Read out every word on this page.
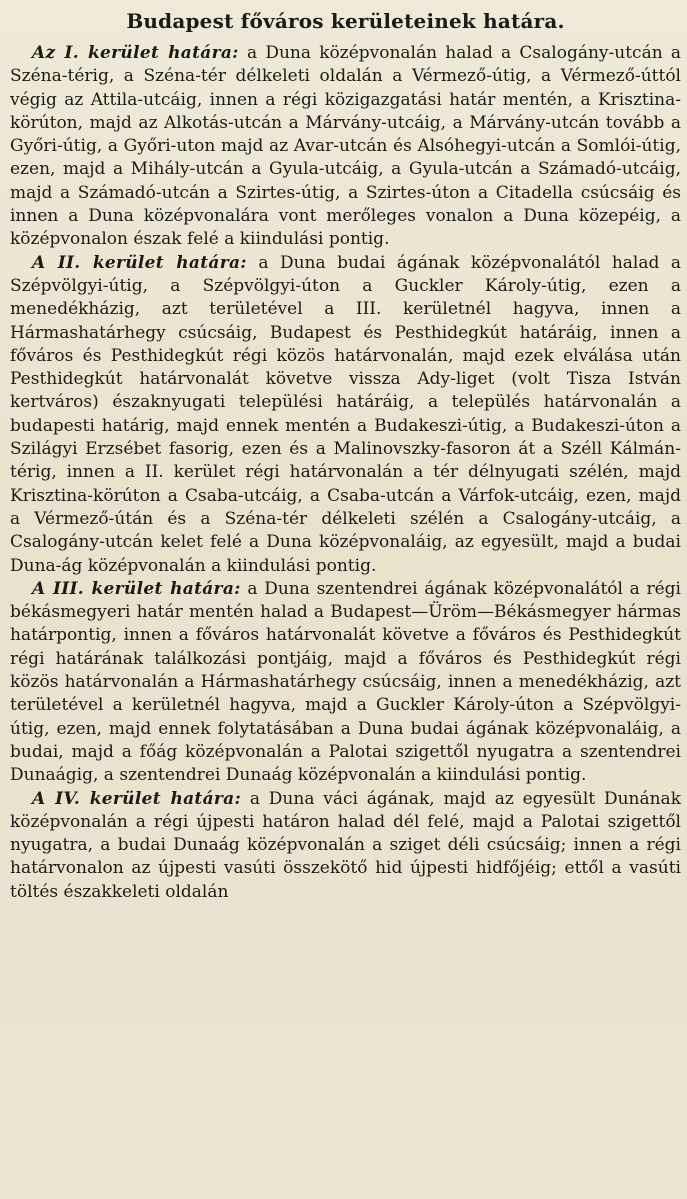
Budapest főváros kerületeinek határa.

Az I. kerület határa: a Duna középvonalán halad a Csalogány-utcán a Széna-térig, a Széna-tér délkeleti oldalán a Vérmező-útig, a Vérmező-úttól végig az Attila-utcáig, innen a régi közigazgatási határ mentén, a Krisztina-körúton, majd az Alkotás-utcán a Márvány-utcáig, a Márvány-utcán tovább a Győri-útig, a Győri-uton majd az Avar-utcán és Alsóhegyi-utcán a Somlói-útig, ezen, majd a Mihály-utcán a Gyula-utcáig, a Gyula-utcán a Számadó-utcáig, majd a Számadó-utcán a Szirtes-útig, a Szirtes-úton a Citadella csúcsáig és innen a Duna középvonalára vont merőleges vonalon a Duna közepéig, a középvonalon észak felé a kiindulási pontig.

A II. kerület határa: a Duna budai ágának középvonalától halad a Szépvölgyi-útig, a Szépvölgyi-úton a Guckler Károly-útig, ezen a menedékházig, azt területével a III. kerületnél hagyva, innen a Hármashatárhegy csúcsáig, Budapest és Pesthidegkút határáig, innen a főváros és Pesthidegkút régi közös határvonalán, majd ezek elválása után Pesthidegkút határvonalát követve vissza Ady-liget (volt Tisza István kertváros) északnyugati települési határáig, a település határvonalán a budapesti határig, majd ennek mentén a Budakeszi-útig, a Budakeszi-úton a Szilágyi Erzsébet fasorig, ezen és a Malinovszky-fasoron át a Széll Kálmán-térig, innen a II. kerület régi határvonalán a tér délnyugati szélén, majd Krisztina-körúton a Csaba-utcáig, a Csaba-utcán a Várfok-utcáig, ezen, majd a Vérmező-útán és a Széna-tér délkeleti szélén a Csalogány-utcáig, a Csalogány-utcán kelet felé a Duna középvonaláig, az egyesült, majd a budai Duna-ág középvonalán a kiindulási pontig.

A III. kerület határa: a Duna szentendrei ágának középvonalától a régi békásmegyeri határ mentén halad a Budapest—Üröm—Békásmegyer hármas határpontig, innen a főváros határvonalát követve a főváros és Pesthidegkút régi határának találkozási pontjáig, majd a főváros és Pesthidegkút régi közös határvonalán a Hármashatárhegy csúcsáig, innen a menedékházig, azt területével a kerületnél hagyva, majd a Guckler Károly-úton a Szépvölgyi-útig, ezen, majd ennek folytatásában a Duna budai ágának középvonaláig, a budai, majd a főág középvonalán a Palotai szigettől nyugatra a szentendrei Dunaágig, a szentendrei Dunaág középvonalán a kiindulási pontig.

A IV. kerület határa: a Duna váci ágának, majd az egyesült Dunának középvonalán a régi újpesti határon halad dél felé, majd a Palotai szigettől nyugatra, a budai Dunaág középvonalán a sziget déli csúcsáig; innen a régi határvonalon az újpesti vasúti összekötő hid újpesti hidfőjéig; ettől a vasúti töltés északkeleti oldalán
